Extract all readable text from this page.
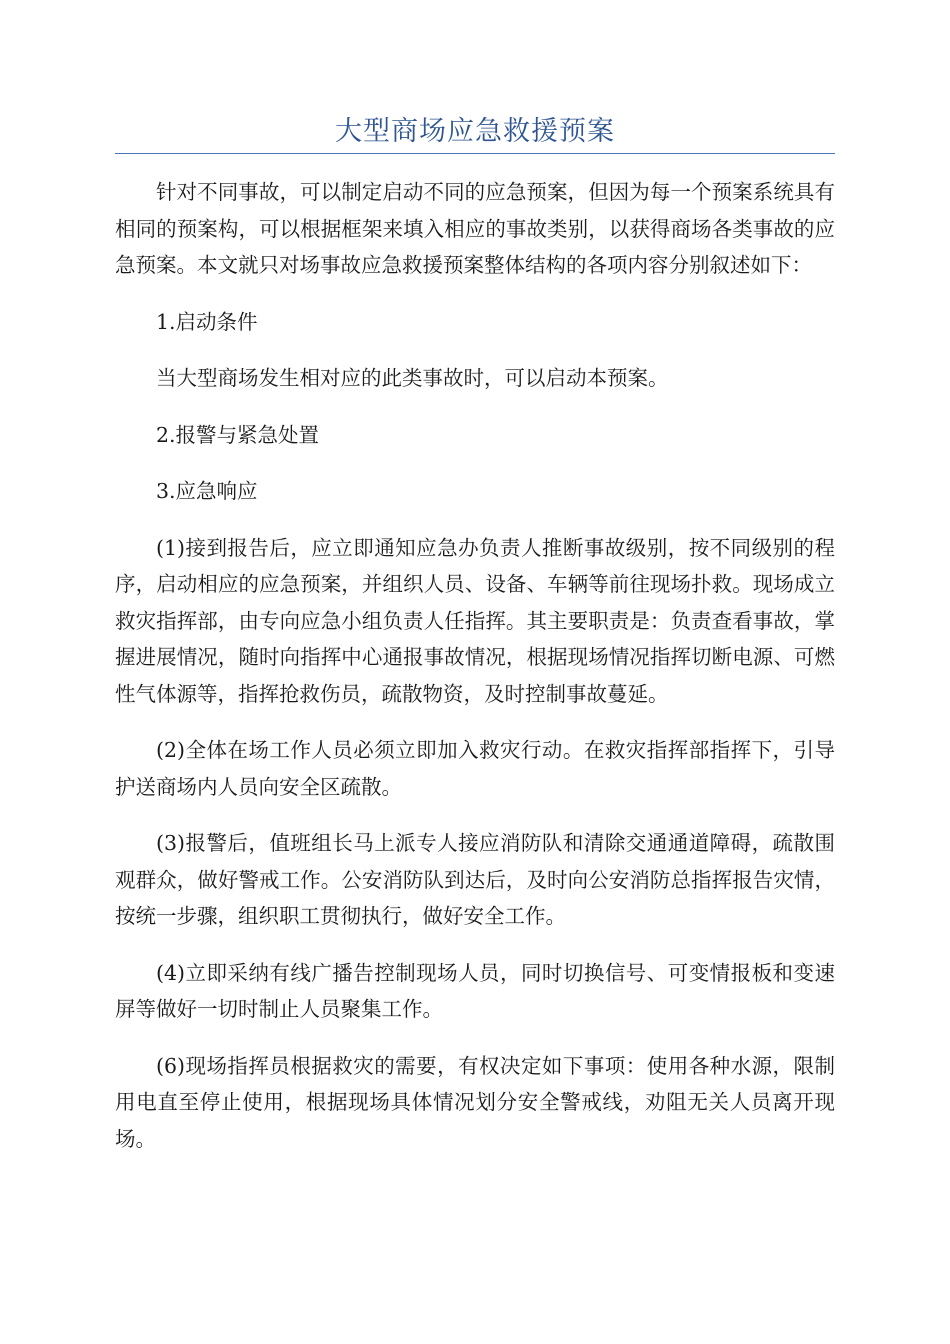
大型商场应急救援预案

针对不同事故，可以制定启动不同的应急预案，但因为每一个预案系统具有相同的预案构，可以根据框架来填入相应的事故类别，以获得商场各类事故的应急预案。本文就只对场事故应急救援预案整体结构的各项内容分别叙述如下：

1.启动条件

当大型商场发生相对应的此类事故时，可以启动本预案。

2.报警与紧急处置

3.应急响应

(1)接到报告后，应立即通知应急办负责人推断事故级别，按不同级别的程序，启动相应的应急预案，并组织人员、设备、车辆等前往现场扑救。现场成立救灾指挥部，由专向应急小组负责人任指挥。其主要职责是：负责查看事故，掌握进展情况，随时向指挥中心通报事故情况，根据现场情况指挥切断电源、可燃性气体源等，指挥抢救伤员，疏散物资，及时控制事故蔓延。

(2)全体在场工作人员必须立即加入救灾行动。在救灾指挥部指挥下，引导护送商场内人员向安全区疏散。

(3)报警后，值班组长马上派专人接应消防队和清除交通通道障碍，疏散围观群众，做好警戒工作。公安消防队到达后，及时向公安消防总指挥报告灾情，按统一步骤，组织职工贯彻执行，做好安全工作。

(4)立即采纳有线广播告控制现场人员，同时切换信号、可变情报板和变速屏等做好一切时制止人员聚集工作。

(6)现场指挥员根据救灾的需要，有权决定如下事项：使用各种水源，限制用电直至停止使用，根据现场具体情况划分安全警戒线，劝阻无关人员离开现场。
